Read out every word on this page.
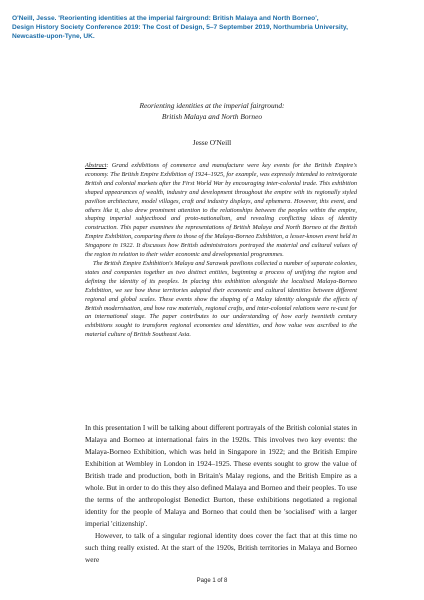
O'Neill, Jesse. 'Reorienting identities at the imperial fairground: British Malaya and North Borneo',
Design History Society Conference 2019: The Cost of Design, 5–7 September 2019, Northumbria University,
Newcastle-upon-Tyne, UK.
Reorienting identities at the imperial fairground:
British Malaya and North Borneo
Jesse O'Neill

Abstract: Grand exhibitions of commerce and manufacture were key events for the British Empire's economy. The British Empire Exhibition of 1924–1925, for example, was expressly intended to reinvigorate British and colonial markets after the First World War by encouraging inter-colonial trade. This exhibition shaped appearances of wealth, industry and development throughout the empire with its regionally styled pavilion architecture, model villages, craft and industry displays, and ephemera. However, this event, and others like it, also drew prominent attention to the relationships between the peoples within the empire, shaping imperial subjecthood and proto-nationalism, and revealing conflicting ideas of identity construction. This paper examines the representations of British Malaya and North Borneo at the British Empire Exhibition, comparing them to those of the Malaya-Borneo Exhibition, a lesser-known event held in Singapore in 1922. It discusses how British administrators portrayed the material and cultural values of the region in relation to their wider economic and developmental programmes.

The British Empire Exhibition's Malaya and Sarawak pavilions collected a number of separate colonies, states and companies together as two distinct entities, beginning a process of unifying the region and defining the identity of its peoples. In placing this exhibition alongside the localised Malaya-Borneo Exhibition, we see how these territories adapted their economic and cultural identities between different regional and global scales. These events show the shaping of a Malay identity alongside the effects of British modernisation, and how raw materials, regional crafts, and inter-colonial relations were re-cast for an international stage. The paper contributes to our understanding of how early twentieth century exhibitions sought to transform regional economies and identities, and how value was ascribed to the material culture of British Southeast Asia.

In this presentation I will be talking about different portrayals of the British colonial states in Malaya and Borneo at international fairs in the 1920s. This involves two key events: the Malaya-Borneo Exhibition, which was held in Singapore in 1922; and the British Empire Exhibition at Wembley in London in 1924–1925. These events sought to grow the value of British trade and production, both in Britain's Malay regions, and the British Empire as a whole. But in order to do this they also defined Malaya and Borneo and their peoples. To use the terms of the anthropologist Benedict Burton, these exhibitions negotiated a regional identity for the people of Malaya and Borneo that could then be 'socialised' with a larger imperial 'citizenship'.

However, to talk of a singular regional identity does cover the fact that at this time no such thing really existed. At the start of the 1920s, British territories in Malaya and Borneo were

Page 1 of 8
